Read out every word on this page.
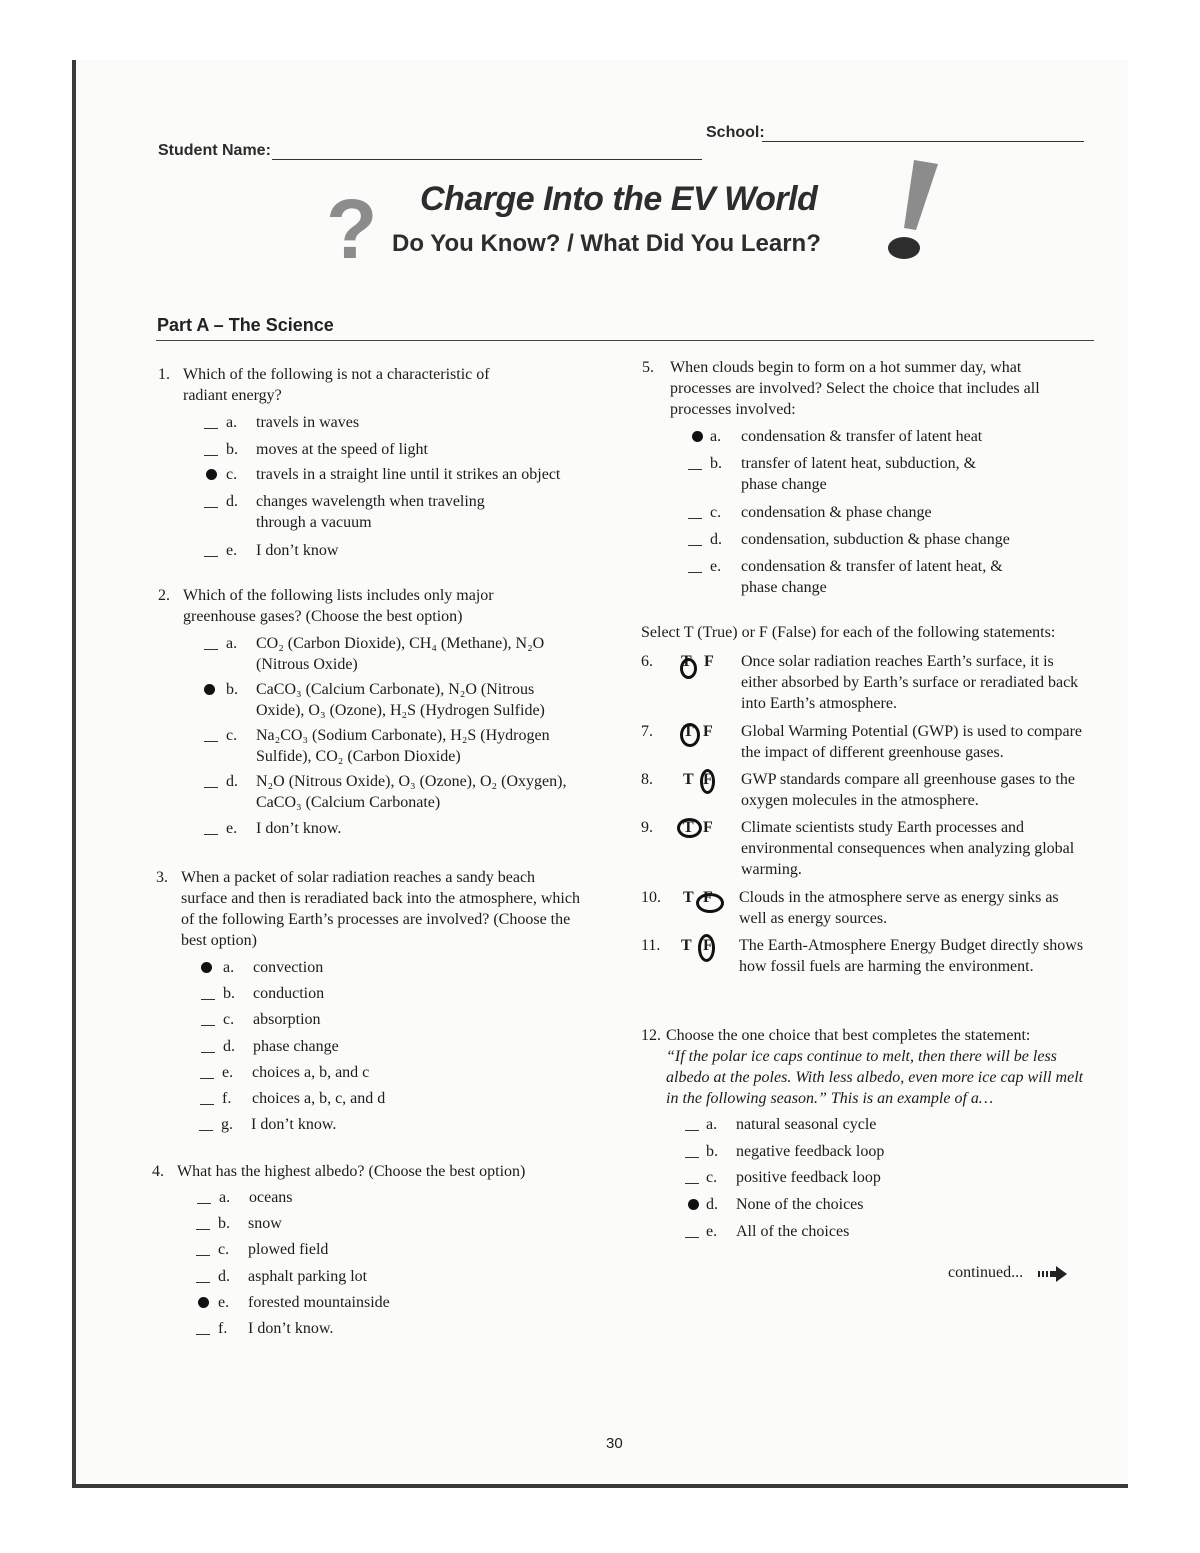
School:
Student Name:
? Charge Into the EV World
Do You Know? / What Did You Learn?
Part A – The Science
1. Which of the following is not a characteristic of radiant energy?
a.	travels in waves
b.	moves at the speed of light
c.	travels in a straight line until it strikes an object
d.	changes wavelength when traveling through a vacuum
e.	I don’t know
2. Which of the following lists includes only major greenhouse gases? (Choose the best option)
a.	CO₂ (Carbon Dioxide), CH₄ (Methane), N₂O (Nitrous Oxide)
b.	CaCO₃ (Calcium Carbonate), N₂O (Nitrous Oxide), O₃ (Ozone), H₂S (Hydrogen Sulfide)
c.	Na₂CO₃ (Sodium Carbonate), H₂S (Hydrogen Sulfide), CO₂ (Carbon Dioxide)
d.	N₂O (Nitrous Oxide), O₃ (Ozone), O₂ (Oxygen), CaCO₃ (Calcium Carbonate)
e.	I don’t know.
3. When a packet of solar radiation reaches a sandy beach surface and then is reradiated back into the atmosphere, which of the following Earth’s processes are involved? (Choose the best option)
a.	convection
b.	conduction
c.	absorption
d.	phase change
e.	choices a, b, and c
f.	choices a, b, c, and d
g.	I don’t know.
4. What has the highest albedo? (Choose the best option)
a.	oceans
b.	snow
c.	plowed field
d.	asphalt parking lot
e.	forested mountainside
f.	I don’t know.
5.	When clouds begin to form on a hot summer day, what processes are involved? Select the choice that includes all processes involved:
a.	condensation & transfer of latent heat
b.	transfer of latent heat, subduction, & phase change
c.	condensation & phase change
d.	condensation, subduction & phase change
e.	condensation & transfer of latent heat, & phase change
Select T (True) or F (False) for each of the following statements:
6. T F Once solar radiation reaches Earth’s surface, it is either absorbed by Earth’s surface or reradiated back into Earth’s atmosphere.
7. T F Global Warming Potential (GWP) is used to compare the impact of different greenhouse gases.
8. T F GWP standards compare all greenhouse gases to the oxygen molecules in the atmosphere.
9. T F Climate scientists study Earth processes and environmental consequences when analyzing global warming.
10. T F Clouds in the atmosphere serve as energy sinks as well as energy sources.
11. T F The Earth-Atmosphere Energy Budget directly shows how fossil fuels are harming the environment.
12. Choose the one choice that best completes the statement:
“If the polar ice caps continue to melt, then there will be less albedo at the poles. With less albedo, even more ice cap will melt in the following season.” This is an example of a…
a.	natural seasonal cycle
b.	negative feedback loop
c.	positive feedback loop
d.	None of the choices
e.	All of the choices
continued...
30
